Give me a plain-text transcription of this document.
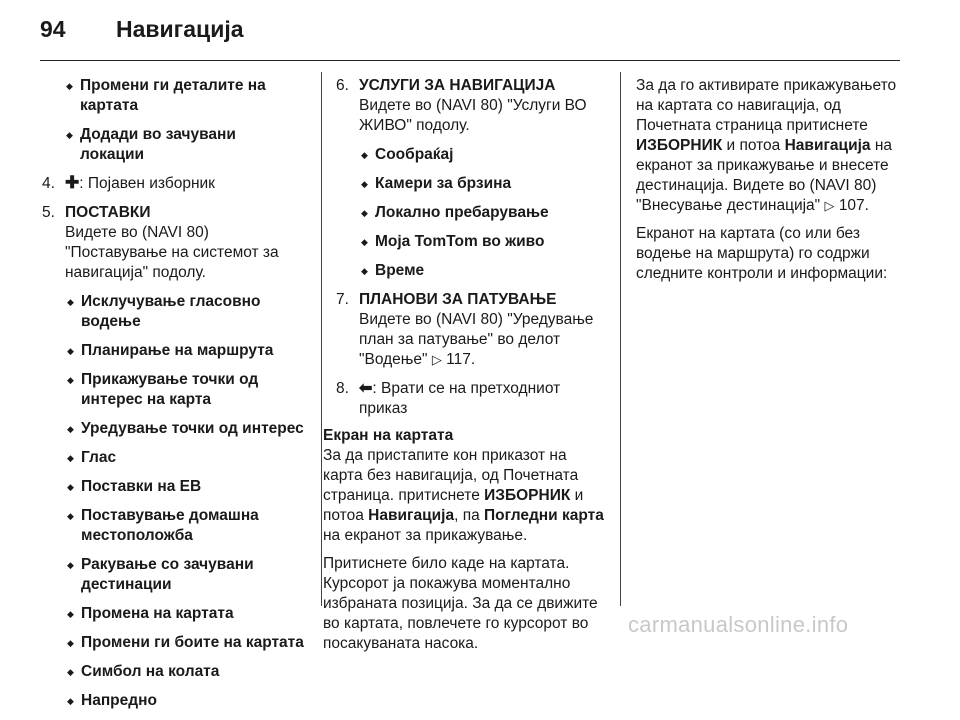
94	Навигација
◆ Промени ги деталите на картата
◆ Додади во зачувани локации
4. ✚: Појавен изборник
5. ПОСТАВКИ
Видете во (NAVI 80) "Поставување на системот за навигација" подолу.
◆ Исклучување гласовно водење
◆ Планирање на маршрута
◆ Прикажување точки од интерес на карта
◆ Уредување точки од интерес
◆ Глас
◆ Поставки на EB
◆ Поставување домашна местоположба
◆ Ракување со зачувани дестинации
◆ Промена на картата
◆ Промени ги боите на картата
◆ Симбол на колата
◆ Напредно
6. УСЛУГИ ЗА НАВИГАЦИЈА
Видете во (NAVI 80) "Услуги ВО ЖИВО" подолу.
◆ Сообраќај
◆ Камери за брзина
◆ Локално пребарување
◆ Моја TomTom во живо
◆ Време
7. ПЛАНОВИ ЗА ПАТУВАЊЕ
Видете во (NAVI 80) "Уредување план за патување" во делот "Водење" ▷ 117.
8. ⬅: Врати се на претходниот приказ
Екран на картата
За да пристапите кон приказот на карта без навигација, од Почетната страница. притиснете ИЗБОРНИК и потоа Навигација, па Погледни карта на екранот за прикажување.
Притиснете било каде на картата. Курсорот ја покажува моментално избраната позиција. За да се движите во картата, повлечете го курсорот во посакуваната насока.
За да го активирате прикажувањето на картата со навигација, од Почетната страница притиснете ИЗБОРНИК и потоа Навигација на екранот за прикажување и внесете дестинација. Видете во (NAVI 80) "Внесување дестинација" ▷ 107.
Екранот на картата (со или без водење на маршрута) го содржи следните контроли и информации:
carmanualsonline.info
